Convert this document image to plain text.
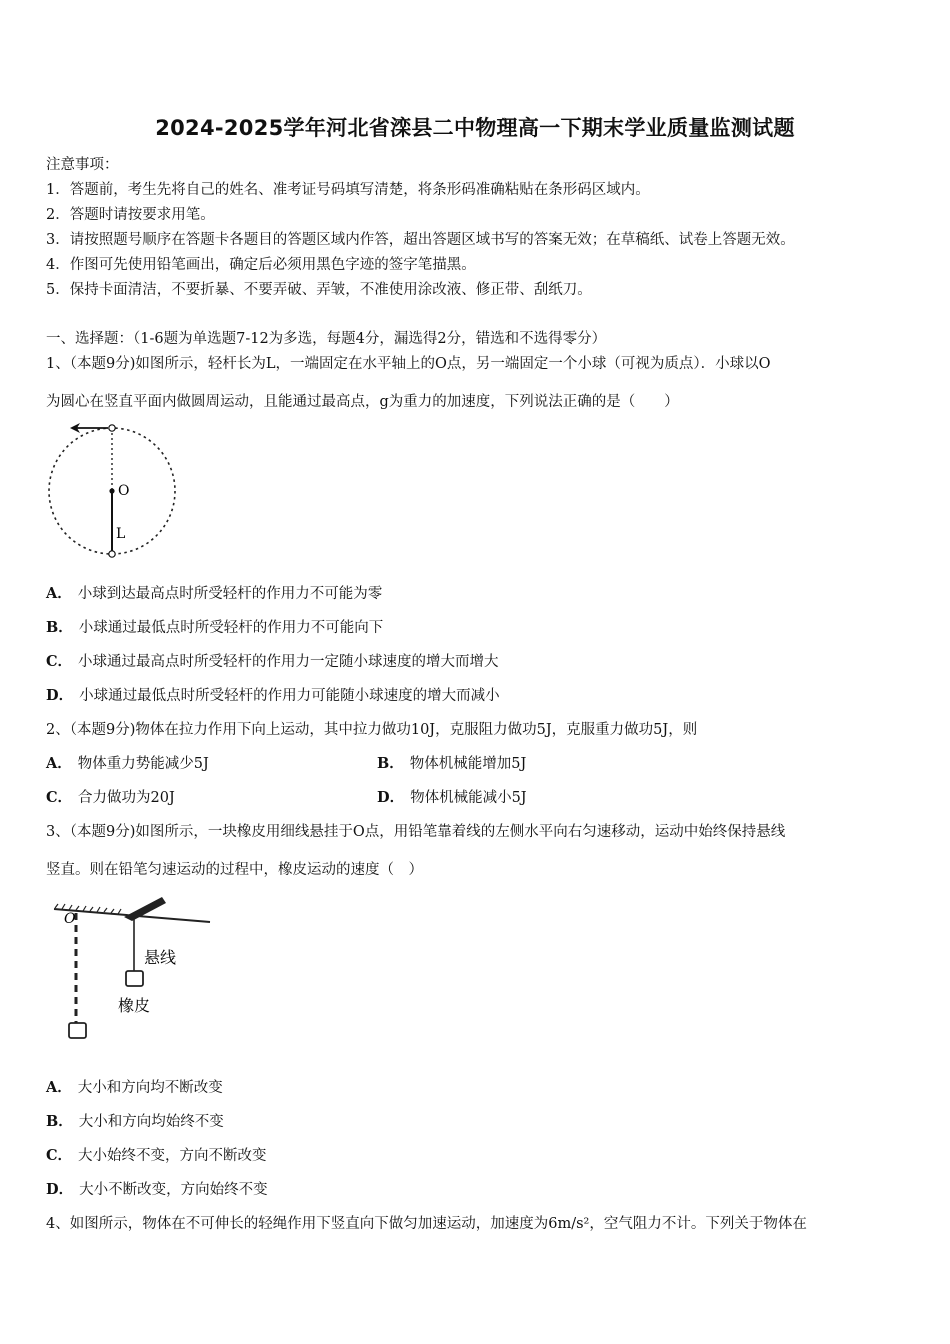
2024-2025学年河北省滦县二中物理高一下期末学业质量监测试题
注意事项：
1．答题前，考生先将自己的姓名、准考证号码填写清楚，将条形码准确粘贴在条形码区域内。
2．答题时请按要求用笔。
3．请按照题号顺序在答题卡各题目的答题区域内作答，超出答题区域书写的答案无效；在草稿纸、试卷上答题无效。
4．作图可先使用铅笔画出，确定后必须用黑色字迹的签字笔描黑。
5．保持卡面清洁，不要折暴、不要弄破、弄皱，不准使用涂改液、修正带、刮纸刀。
一、选择题：（1-6题为单选题7-12为多选，每题4分，漏选得2分，错选和不选得零分）
1、（本题9分)如图所示，轻杆长为L，一端固定在水平轴上的O点，另一端固定一个小球（可视为质点）．小球以O
为圆心在竖直平面内做圆周运动，且能通过最高点，g为重力的加速度，下列说法正确的是（　　）
O
L
A． 小球到达最高点时所受轻杆的作用力不可能为零
B． 小球通过最低点时所受轻杆的作用力不可能向下
C． 小球通过最高点时所受轻杆的作用力一定随小球速度的增大而增大
D． 小球通过最低点时所受轻杆的作用力可能随小球速度的增大而减小
2、（本题9分)物体在拉力作用下向上运动，其中拉力做功10J，克服阻力做功5J，克服重力做功5J，则
A． 物体重力势能减少5J	B． 物体机械能增加5J
C． 合力做功为20J	D． 物体机械能减小5J
3、（本题9分)如图所示，一块橡皮用细线悬挂于O点，用铅笔靠着线的左侧水平向右匀速移动，运动中始终保持悬线
竖直。则在铅笔匀速运动的过程中，橡皮运动的速度（　）
O
悬线
橡皮
A． 大小和方向均不断改变
B． 大小和方向均始终不变
C． 大小始终不变，方向不断改变
D． 大小不断改变，方向始终不变
4、如图所示，物体在不可伸长的轻绳作用下竖直向下做匀加速运动，加速度为6m/s²，空气阻力不计。下列关于物体在
